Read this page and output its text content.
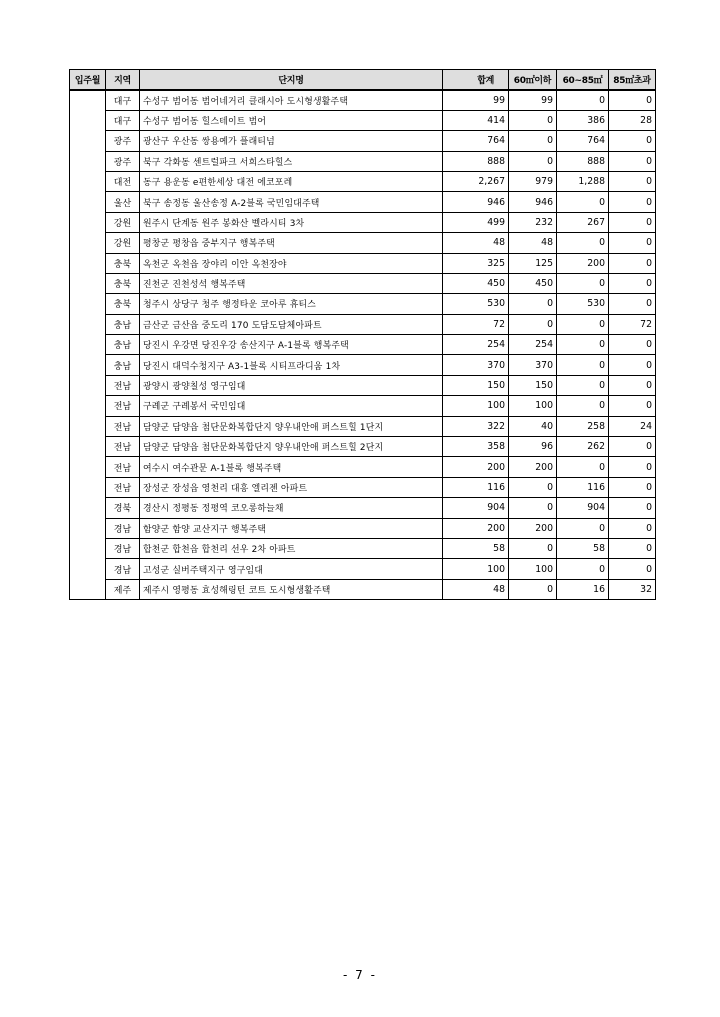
입주월	지역	단지명	합계	60㎡이하	60~85㎡	85㎡초과
	대구	수성구 범어동 범어네거리 클래시아 도시형생활주택	99	99	0	0
	대구	수성구 범어동 힐스테이트 범어	414	0	386	28
	광주	광산구 우산동 쌍용예가 플래티넘	764	0	764	0
	광주	북구 각화동 센트럴파크 서희스타힐스	888	0	888	0
	대전	동구 용운동 e편한세상 대전 에코포레	2,267	979	1,288	0
	울산	북구 송정동 울산송정 A-2블록 국민임대주택	946	946	0	0
	강원	원주시 단계동 원주 봉화산 벨라시티 3차	499	232	267	0
	강원	평창군 평창읍 중부지구 행복주택	48	48	0	0
	충북	옥천군 옥천읍 장야리 이안 옥천장야	325	125	200	0
	충북	진천군 진천성석 행복주택	450	450	0	0
	충북	청주시 상당구 청주 행정타운 코아루 휴티스	530	0	530	0
	충남	금산군 금산읍 중도리 170 도담도담체아파트	72	0	0	72
	충남	당진시 우강면 당진우강 송산지구 A-1블록 행복주택	254	254	0	0
	충남	당진시 대덕수청지구 A3-1블록 시티프라디움 1차	370	370	0	0
	전남	광양시 광양칠성 영구임대	150	150	0	0
	전남	구례군 구례봉서 국민임대	100	100	0	0
	전남	담양군 담양읍 첨단문화복합단지 양우내안애 퍼스트힐 1단지	322	40	258	24
	전남	담양군 담양읍 첨단문화복합단지 양우내안애 퍼스트힐 2단지	358	96	262	0
	전남	여수시 여수관문 A-1블록 행복주택	200	200	0	0
	전남	장성군 장성읍 영천리 대흥 엘리젠 아파트	116	0	116	0
	경북	경산시 정평동 정평역 코오롱하늘채	904	0	904	0
	경남	함양군 함양 교산지구 행복주택	200	200	0	0
	경남	합천군 합천읍 합천리 선우 2차 아파트	58	0	58	0
	경남	고성군 실버주택지구 영구임대	100	100	0	0
	제주	제주시 영평동 효성해링턴 코트 도시형생활주택	48	0	16	32
- 7 -
